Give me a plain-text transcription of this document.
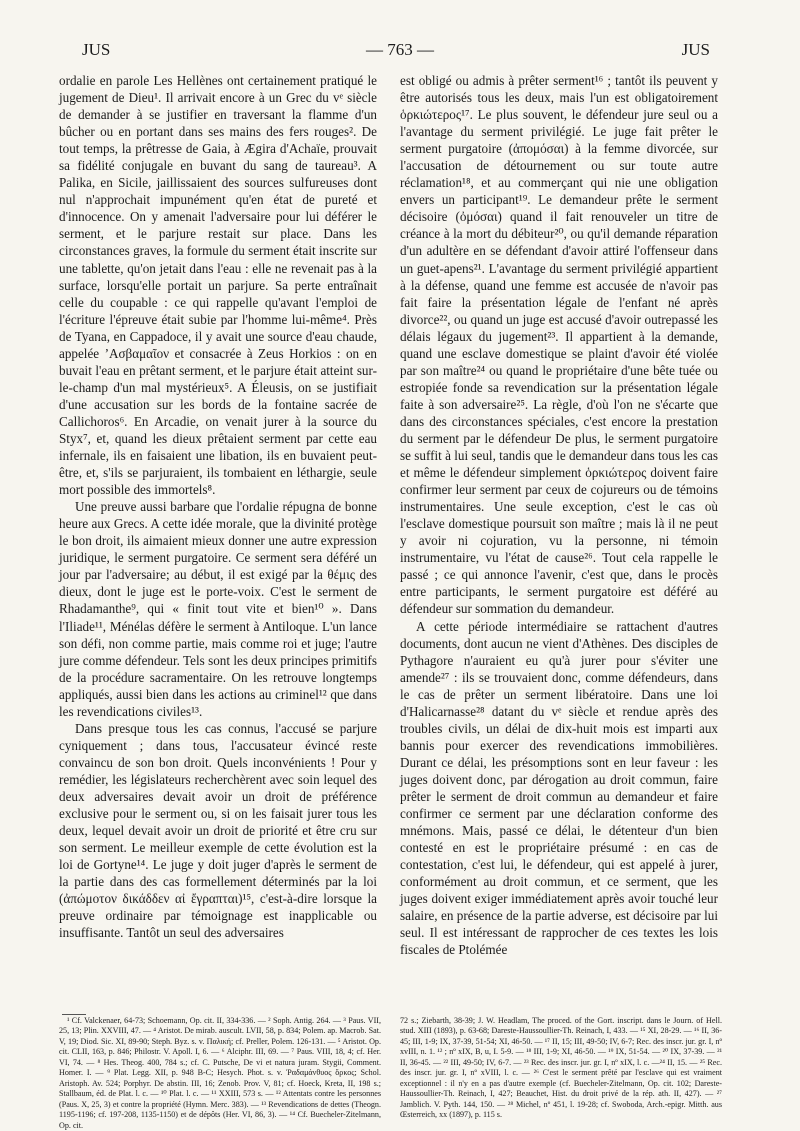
JUS	— 763 —	JUS

ordalie en parole Les Hellènes ont certainement pratiqué le jugement de Dieu¹. Il arrivait encore à un Grec du vᵉ siècle de demander à se justifier en traversant la flamme d'un bûcher ou en portant dans ses mains des fers rouges². De tout temps, la prêtresse de Gaia, à Ægira d'Achaïe, prouvait sa fidélité conjugale en buvant du sang de taureau³. A Palika, en Sicile, jaillissaient des sources sulfureuses dont nul n'approchait impunément qu'en état de pureté et d'innocence. On y amenait l'adversaire pour lui déférer le serment, et le parjure restait sur place. Dans les circonstances graves, la formule du serment était inscrite sur une tablette, qu'on jetait dans l'eau : elle ne revenait pas à la surface, lorsqu'elle portait un parjure. Sa perte entraînait celle du coupable : ce qui rappelle qu'avant l'emploi de l'écriture l'épreuve était subie par l'homme lui-même⁴. Près de Tyana, en Cappadoce, il y avait une source d'eau chaude, appelée ʼΑσβαμαῖον et consacrée à Zeus Horkios : on en buvait l'eau en prêtant serment, et le parjure était atteint sur-le-champ d'un mal mystérieux⁵. A Éleusis, on se justifiait d'une accusation sur les bords de la fontaine sacrée de Callichoros⁶. En Arcadie, on venait jurer à la source du Styx⁷, et, quand les dieux prêtaient serment par cette eau infernale, ils en faisaient une libation, ils en buvaient peut-être, et, s'ils se parjuraient, ils tombaient en léthargie, seule mort possible des immortels⁸.

Une preuve aussi barbare que l'ordalie répugna de bonne heure aux Grecs. A cette idée morale, que la divinité protège le bon droit, ils aimaient mieux donner une autre expression juridique, le serment purgatoire. Ce serment sera déféré un jour par l'adversaire; au début, il est exigé par la θέμις des dieux, dont le juge est le porte-voix. C'est le serment de Rhadamanthe⁹, qui « finit tout vite et bien¹⁰ ». Dans l'Iliade¹¹, Ménélas défère le serment à Antiloque. L'un lance son défi, non comme partie, mais comme roi et juge; l'autre jure comme défendeur. Tels sont les deux principes primitifs de la procédure sacramentaire. On les retrouve longtemps appliqués, aussi bien dans les actions au criminel¹² que dans les revendications civiles¹³.

Dans presque tous les cas connus, l'accusé se parjure cyniquement ; dans tous, l'accusateur évincé reste convaincu de son bon droit. Quels inconvénients ! Pour y remédier, les législateurs recherchèrent avec soin lequel des deux adversaires devait avoir un droit de préférence exclusive pour le serment ou, si on les faisait jurer tous les deux, lequel devait avoir un droit de priorité et être cru sur son serment. Le meilleur exemple de cette évolution est la loi de Gortyne¹⁴. Le juge y doit juger d'après le serment de la partie dans des cas formellement déterminés par la loi (ἀπώμοτον δικάδδεν αἰ ἔγραπται)¹⁵, c'est-à-dire lorsque la preuve ordinaire par témoignage est inapplicable ou insuffisante. Tantôt un seul des adversaires

est obligé ou admis à prêter serment¹⁶ ; tantôt ils peuvent y être autorisés tous les deux, mais l'un est obligatoirement ὁρκιώτερος¹⁷. Le plus souvent, le défendeur jure seul ou a l'avantage du serment privilégié. Le juge fait prêter le serment purgatoire (ἀπομόσαι) à la femme divorcée, sur l'accusation de détournement ou sur toute autre réclamation¹⁸, et au commerçant qui nie une obligation envers un participant¹⁹. Le demandeur prête le serment décisoire (ὀμόσαι) quand il fait renouveler un titre de créance à la mort du débiteur²⁰, ou qu'il demande réparation d'un adultère en se défendant d'avoir attiré l'offenseur dans un guet-apens²¹. L'avantage du serment privilégié appartient à la défense, quand une femme est accusée de n'avoir pas fait faire la présentation légale de l'enfant né après divorce²², ou quand un juge est accusé d'avoir outrepassé les délais légaux du jugement²³. Il appartient à la demande, quand une esclave domestique se plaint d'avoir été violée par son maître²⁴ ou quand le propriétaire d'une bête tuée ou estropiée fonde sa revendication sur la présentation légale faite à son adversaire²⁵. La règle, d'où l'on ne s'écarte que dans des circonstances spéciales, c'est encore la prestation du serment par le défendeur De plus, le serment purgatoire se suffit à lui seul, tandis que le demandeur dans tous les cas et même le défendeur simplement ὁρκιώτερος doivent faire confirmer leur serment par ceux de cojureurs ou de témoins instrumentaires. Une seule exception, c'est le cas où l'esclave domestique poursuit son maître ; mais là il ne peut y avoir ni cojuration, vu la personne, ni témoin instrumentaire, vu l'état de cause²⁶. Tout cela rappelle le passé ; ce qui annonce l'avenir, c'est que, dans le procès entre participants, le serment purgatoire est déféré au défendeur sur sommation du demandeur.

A cette période intermédiaire se rattachent d'autres documents, dont aucun ne vient d'Athènes. Des disciples de Pythagore n'auraient eu qu'à jurer pour s'éviter une amende²⁷ : ils se trouvaient donc, comme défendeurs, dans le cas de prêter un serment libératoire. Dans une loi d'Halicarnasse²⁸ datant du vᵉ siècle et rendue après des troubles civils, un délai de dix-huit mois est imparti aux bannis pour exercer des revendications immobilières. Durant ce délai, les présomptions sont en leur faveur : les juges doivent donc, par dérogation au droit commun, faire prêter le serment de droit commun au demandeur et faire confirmer ce serment par une déclaration conforme des mnémons. Mais, passé ce délai, le détenteur d'un bien contesté en est le propriétaire présumé : en cas de contestation, c'est lui, le défendeur, qui est appelé à jurer, conformément au droit commun, et ce serment, que les juges doivent exiger immédiatement après avoir touché leur salaire, en présence de la partie adverse, est décisoire par lui seul. Il est intéressant de rapprocher de ces textes les lois fiscales de Ptolémée

¹ Cf. Valckenaer, 64-73; Schoemann, Op. cit. II, 334-336. — ² Soph. Antig. 264. — ³ Paus. VII, 25, 13; Plin. XXVIII, 47. — ⁴ Aristot. De mirab. auscult. LVII, 58, p. 834; Polem. ap. Macrob. Sat. V, 19; Diod. Sic. XI, 89-90; Steph. Byz. s. v. Παλική; cf. Preller, Polem. 126-131. — ⁵ Aristot. Op. cit. CLII, 163, p. 846; Philostr. V. Apoll. I, 6. — ⁶ Alciphr. III, 69. — ⁷ Paus. VIII, 18, 4; cf. Her. VI, 74. — ⁸ Hes. Theog. 400, 784 s.; cf. C. Putsche, De vi et natura juram. Stygii, Comment. Homer. I. — ⁹ Plat. Legg. XII, p. 948 B-C; Hesych. Phot. s. v. Ῥαδαμάνθυος ὅρκος; Schol. Aristoph. Av. 524; Porphyr. De abstin. III, 16; Zenob. Prov. V, 81; cf. Hoeck, Kreta, II, 198 s.; Stallbaum, éd. de Plat. l. c. — ¹⁰ Plat. l. c. — ¹¹ XXIII, 573 s. — ¹² Attentats contre les personnes (Paus. X, 25, 3) et contre la propriété (Hymn. Merc. 383). — ¹³ Revendications de dettes (Theogn. 1195-1196; cf. 197-208, 1135-1150) et de dépôts (Her. VI, 86, 3). — ¹⁴ Cf. Buecheler-Zitelmann, Op. cit.

72 s.; Ziebarth, 38-39; J. W. Headlam, The proced. of the Gort. inscript. dans le Journ. of Hell. stud. XIII (1893), p. 63-68; Dareste-Haussoullier-Th. Reinach, I, 433. — ¹⁵ XI, 28-29. — ¹⁶ II, 36-45; III, 1-9; IX, 37-39, 51-54; XI, 46-50. — ¹⁷ II, 15; III, 49-50; IV, 6-7; Rec. des inscr. jur. gr. I, nº xvIII, n. 1. ¹² ; nº xIX, B, u, I. 5-9. — ¹⁸ III, 1-9; XI, 46-50. — ¹⁹ IX, 51-54. — ²⁰ IX, 37-39. — ²¹ II, 36-45. — ²² III, 49-50; IV, 6-7. — ²³ Rec. des inscr. jur. gr. I, nº xIX, l. c. —²⁴ II, 15. — ²⁵ Rec. des inscr. jur. gr. I, nº xVIII, l. c. — ²⁶ C'est le serment prêté par l'esclave qui est vraiment exceptionnel : il n'y en a pas d'autre exemple (cf. Buecheler-Zitelmann, Op. cit. 102; Dareste-Haussoullier-Th. Reinach, I, 427; Beauchet, Hist. du droit privé de la rép. ath. II, 427). — ²⁷ Jamblich. V. Pyth. 144, 150. — ²⁸ Michel, nº 451, l. 19-28; cf. Swoboda, Arch.-epigr. Mitth. aus Œsterreich, xx (1897), p. 115 s.
